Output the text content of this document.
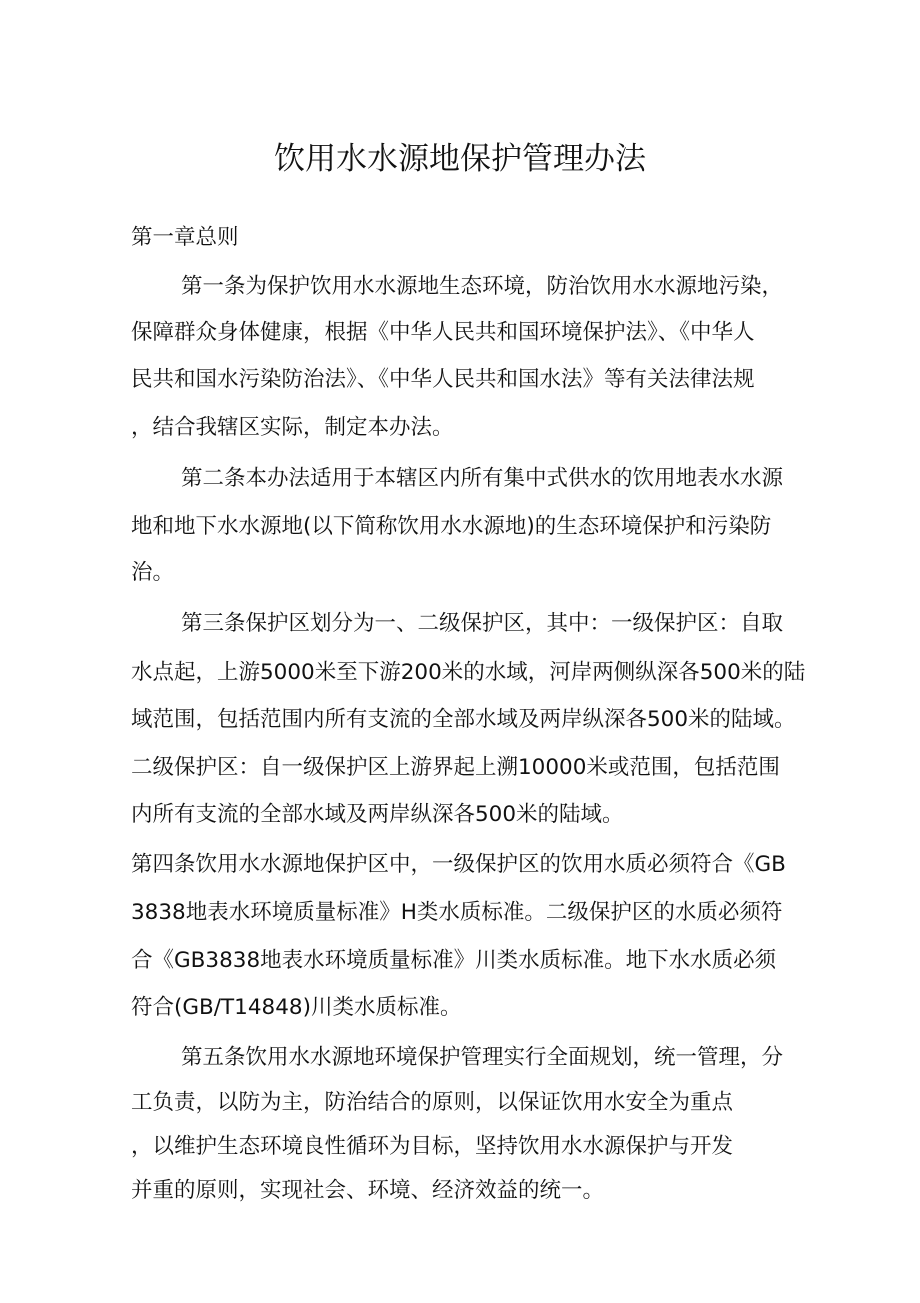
饮用水水源地保护管理办法
第一章总则
第一条为保护饮用水水源地生态环境，防治饮用水水源地污染，
保障群众身体健康，根据《中华人民共和国环境保护法》、《中华人
民共和国水污染防治法》、《中华人民共和国水法》等有关法律法规
，结合我辖区实际，制定本办法。
第二条本办法适用于本辖区内所有集中式供水的饮用地表水水源
地和地下水水源地(以下简称饮用水水源地)的生态环境保护和污染防
治。
第三条保护区划分为一、二级保护区，其中：一级保护区：自取
水点起，上游5000米至下游200米的水域，河岸两侧纵深各500米的陆
域范围，包括范围内所有支流的全部水域及两岸纵深各500米的陆域。
二级保护区：自一级保护区上游界起上溯10000米或范围，包括范围
内所有支流的全部水域及两岸纵深各500米的陆域。
第四条饮用水水源地保护区中，一级保护区的饮用水质必须符合《GB
3838地表水环境质量标准》H类水质标准。二级保护区的水质必须符
合《GB3838地表水环境质量标准》川类水质标准。地下水水质必须
符合(GB/T14848)川类水质标准。
第五条饮用水水源地环境保护管理实行全面规划，统一管理，分
工负责，以防为主，防治结合的原则，以保证饮用水安全为重点
，以维护生态环境良性循环为目标，坚持饮用水水源保护与开发
并重的原则，实现社会、环境、经济效益的统一。
